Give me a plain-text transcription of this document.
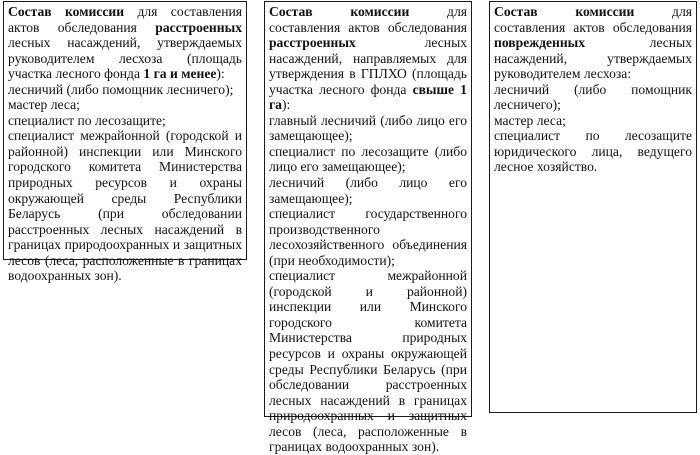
Состав комиссии для составления актов обследования расстроенных лесных насаждений, утверждаемых руководителем лесхоза (площадь участка лесного фонда 1 га и менее):

лесничий (либо помощник лесничего);

мастер леса;

специалист по лесозащите;

специалист межрайонной (городской и районной) инспекции или Минского городского комитета Министерства природных ресурсов и охраны окружающей среды Республики Беларусь (при обследовании расстроенных лесных насаждений в границах природоохранных и защитных лесов (леса, расположенные в границах водоохранных зон).

Состав комиссии для составления актов обследования расстроенных лесных насаждений, направляемых для утверждения в ГПЛХО (площадь участка лесного фонда свыше 1 га):

главный лесничий (либо лицо его замещающее);

специалист по лесозащите (либо лицо его замещающее);

лесничий (либо лицо его замещающее);

специалист государственного производственного лесохозяйственного объединения (при необходимости);

специалист межрайонной (городской и районной) инспекции или Минского городского комитета Министерства природных ресурсов и охраны окружающей среды Республики Беларусь (при обследовании расстроенных лесных насаждений в границах природоохранных и защитных лесов (леса, расположенные в границах водоохранных зон).

Состав комиссии для составления актов обследования поврежденных лесных насаждений, утверждаемых руководителем лесхоза:

лесничий (либо помощник лесничего);

мастер леса;

специалист по лесозащите юридического лица, ведущего лесное хозяйство.
